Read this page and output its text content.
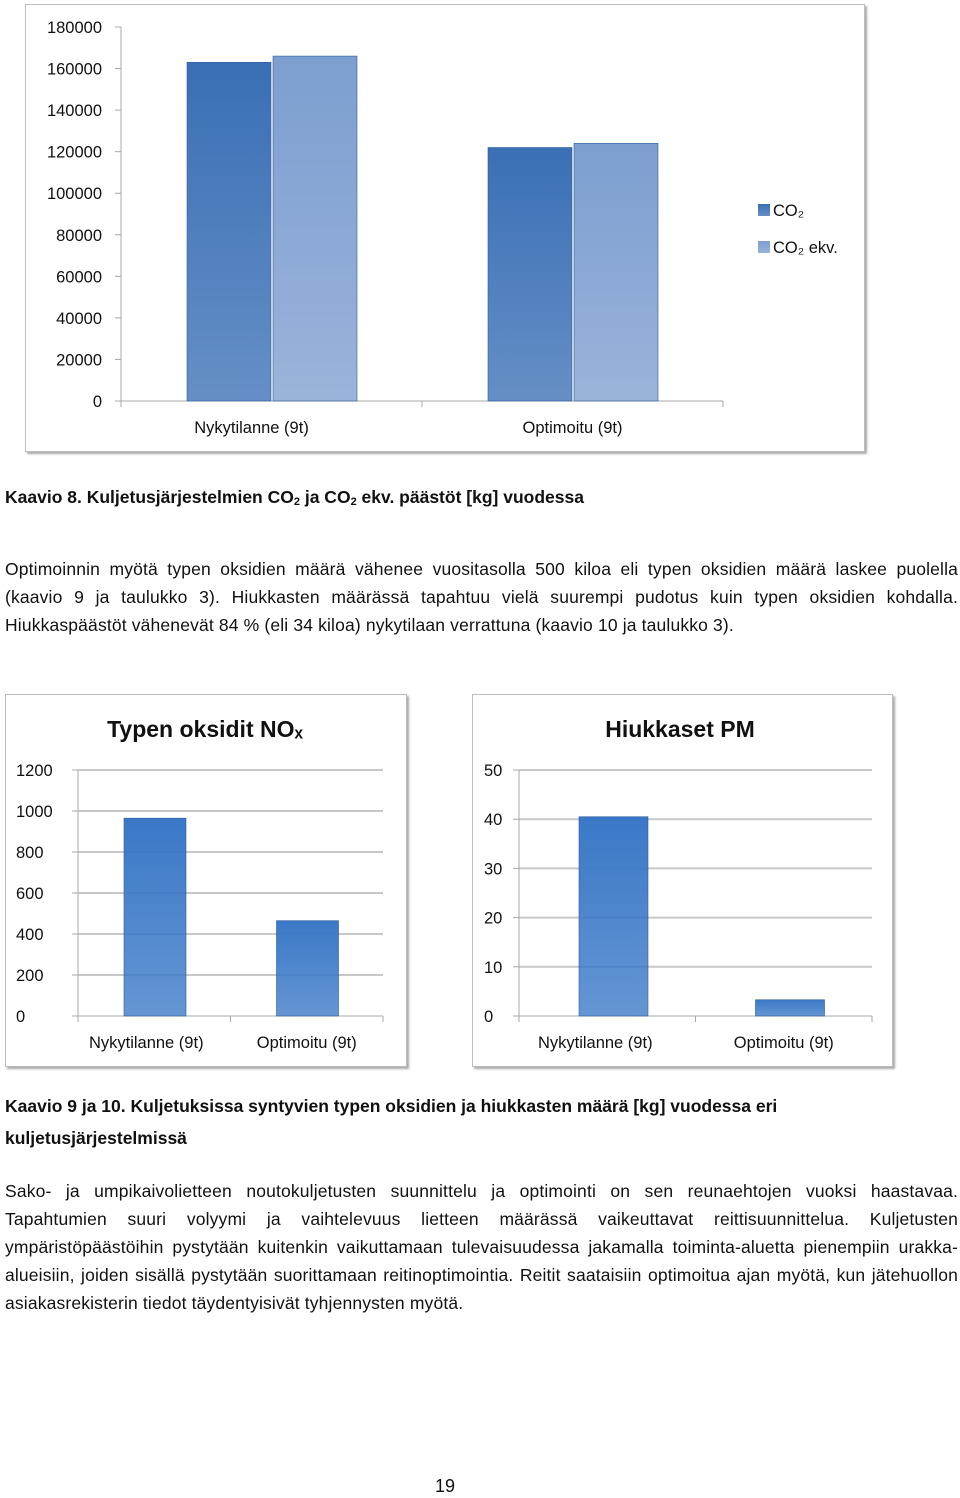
0
20000
40000
60000
80000
100000
120000
140000
160000
180000
Nykytilanne (9t)	Optimoitu (9t)
CO₂
CO₂ ekv.
Kaavio 8. Kuljetusjärjestelmien $CO_2$ ja $CO_2$ ekv. päästöt [kg] vuodessa
Optimoinnin myötä typen oksidien määrä vähenee vuositasolla 500 kiloa eli typen oksidien määrä laskee puolella (kaavio 9 ja taulukko 3). Hiukkasten määrässä tapahtuu vielä suurempi pudotus kuin typen oksidien kohdalla. Hiukkaspäästöt vähenevät 84 % (eli 34 kiloa) nykytilaan verrattuna (kaavio 10 ja taulukko 3).
Typen oksidit NOₓ
0
200
400
600
800
1000
1200
Nykytilanne (9t)	Optimoitu (9t)
Hiukkaset PM
0
10
20
30
40
50
Nykytilanne (9t)	Optimoitu (9t)
Kaavio 9 ja 10. Kuljetuksissa syntyvien typen oksidien ja hiukkasten määrä [kg] vuodessa eri kuljetusjärjestelmissä
Sako- ja umpikaivolietteen noutokuljetusten suunnittelu ja optimointi on sen reunaehtojen vuoksi haastavaa. Tapahtumien suuri volyymi ja vaihtelevuus lietteen määrässä vaikeuttavat reittisuunnittelua. Kuljetusten ympäristöpäästöihin pystytään kuitenkin vaikuttamaan tulevaisuudessa jakamalla toiminta-aluetta pienempiin urakka-alueisiin, joiden sisällä pystytään suorittamaan reitinoptimointia. Reitit saataisiin optimoitua ajan myötä, kun jätehuollon asiakasrekisterin tiedot täydentyisivät tyhjennysten myötä.
19
